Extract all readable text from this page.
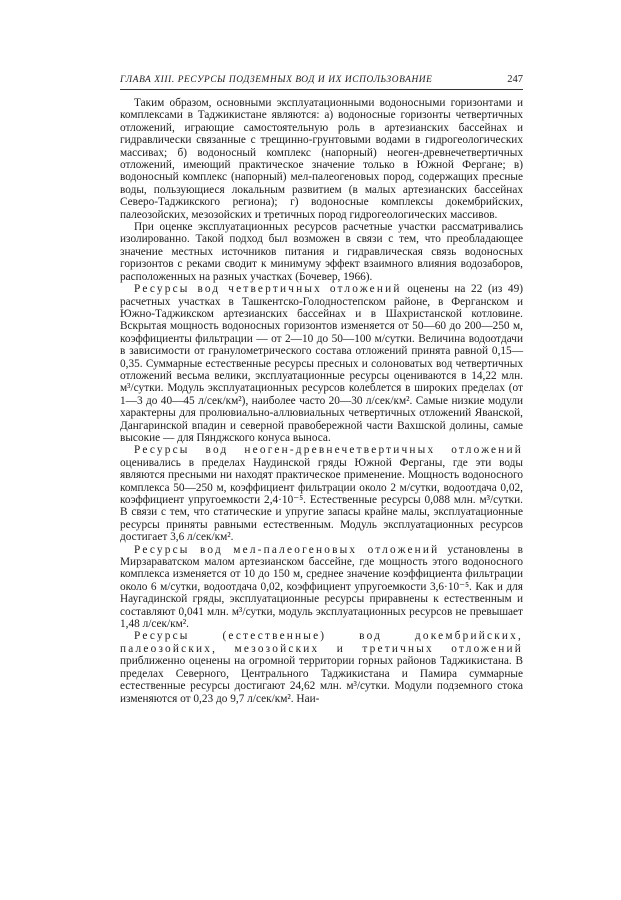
ГЛАВА XIII. РЕСУРСЫ ПОДЗЕМНЫХ ВОД И ИХ ИСПОЛЬЗОВАНИЕ	247

Таким образом, основными эксплуатационными водоносными горизонтами и комплексами в Таджикистане являются: а) водоносные горизонты четвертичных отложений, играющие самостоятельную роль в артезианских бассейнах и гидравлически связанные с трещинно-грунтовыми водами в гидрогеологических массивах; б) водоносный комплекс (напорный) неоген-древнечетвертичных отложений, имеющий практическое значение только в Южной Фергане; в) водоносный комплекс (напорный) мел-палеогеновых пород, содержащих пресные воды, пользующиеся локальным развитием (в малых артезианских бассейнах Северо-Таджикского региона); г) водоносные комплексы докембрийских, палеозойских, мезозойских и третичных пород гидрогеологических массивов.

При оценке эксплуатационных ресурсов расчетные участки рассматривались изолированно. Такой подход был возможен в связи с тем, что преобладающее значение местных источников питания и гидравлическая связь водоносных горизонтов с реками сводит к минимуму эффект взаимного влияния водозаборов, расположенных на разных участках (Бочевер, 1966).

Ресурсы вод четвертичных отложений оценены на 22 (из 49) расчетных участках в Ташкентско-Голодностепском районе, в Ферганском и Южно-Таджикском артезианских бассейнах и в Шахристанской котловине. Вскрытая мощность водоносных горизонтов изменяется от 50—60 до 200—250 м, коэффициенты фильтрации — от 2—10 до 50—100 м/сутки. Величина водоотдачи в зависимости от гранулометрического состава отложений принята равной 0,15—0,35. Суммарные естественные ресурсы пресных и солоноватых вод четвертичных отложений весьма велики, эксплуатационные ресурсы оцениваются в 14,22 млн. м³/сутки. Модуль эксплуатационных ресурсов колеблется в широких пределах (от 1—3 до 40—45 л/сек/км²), наиболее часто 20—30 л/сек/км². Самые низкие модули характерны для пролювиально-аллювиальных четвертичных отложений Яванской, Дангаринской впадин и северной правобережной части Вахшской долины, самые высокие — для Пянджского конуса выноса.

Ресурсы вод неоген-древнечетвертичных отложений оценивались в пределах Наудинской гряды Южной Ферганы, где эти воды являются пресными ни находят практическое применение. Мощность водоносного комплекса 50—250 м, коэффициент фильтрации около 2 м/сутки, водоотдача 0,02, коэффициент упругоемкости 2,4·10⁻⁵. Естественные ресурсы 0,088 млн. м³/сутки. В связи с тем, что статические и упругие запасы крайне малы, эксплуатационные ресурсы приняты равными естественным. Модуль эксплуатационных ресурсов достигает 3,6 л/сек/км².

Ресурсы вод мел-палеогеновых отложений установлены в Мирзараватском малом артезианском бассейне, где мощность этого водоносного комплекса изменяется от 10 до 150 м, среднее значение коэффициента фильтрации около 6 м/сутки, водоотдача 0,02, коэффициент упругоемкости 3,6·10⁻⁵. Как и для Наугадинской гряды, эксплуатационные ресурсы приравнены к естественным и составляют 0,041 млн. м³/сутки, модуль эксплуатационных ресурсов не превышает 1,48 л/сек/км².

Ресурсы (естественные) вод докембрийских, палеозойских, мезозойских и третичных отложений приближенно оценены на огромной территории горных районов Таджикистана. В пределах Северного, Центрального Таджикистана и Памира суммарные естественные ресурсы достигают 24,62 млн. м³/сутки. Модули подземного стока изменяются от 0,23 до 9,7 л/сек/км². Наи-
